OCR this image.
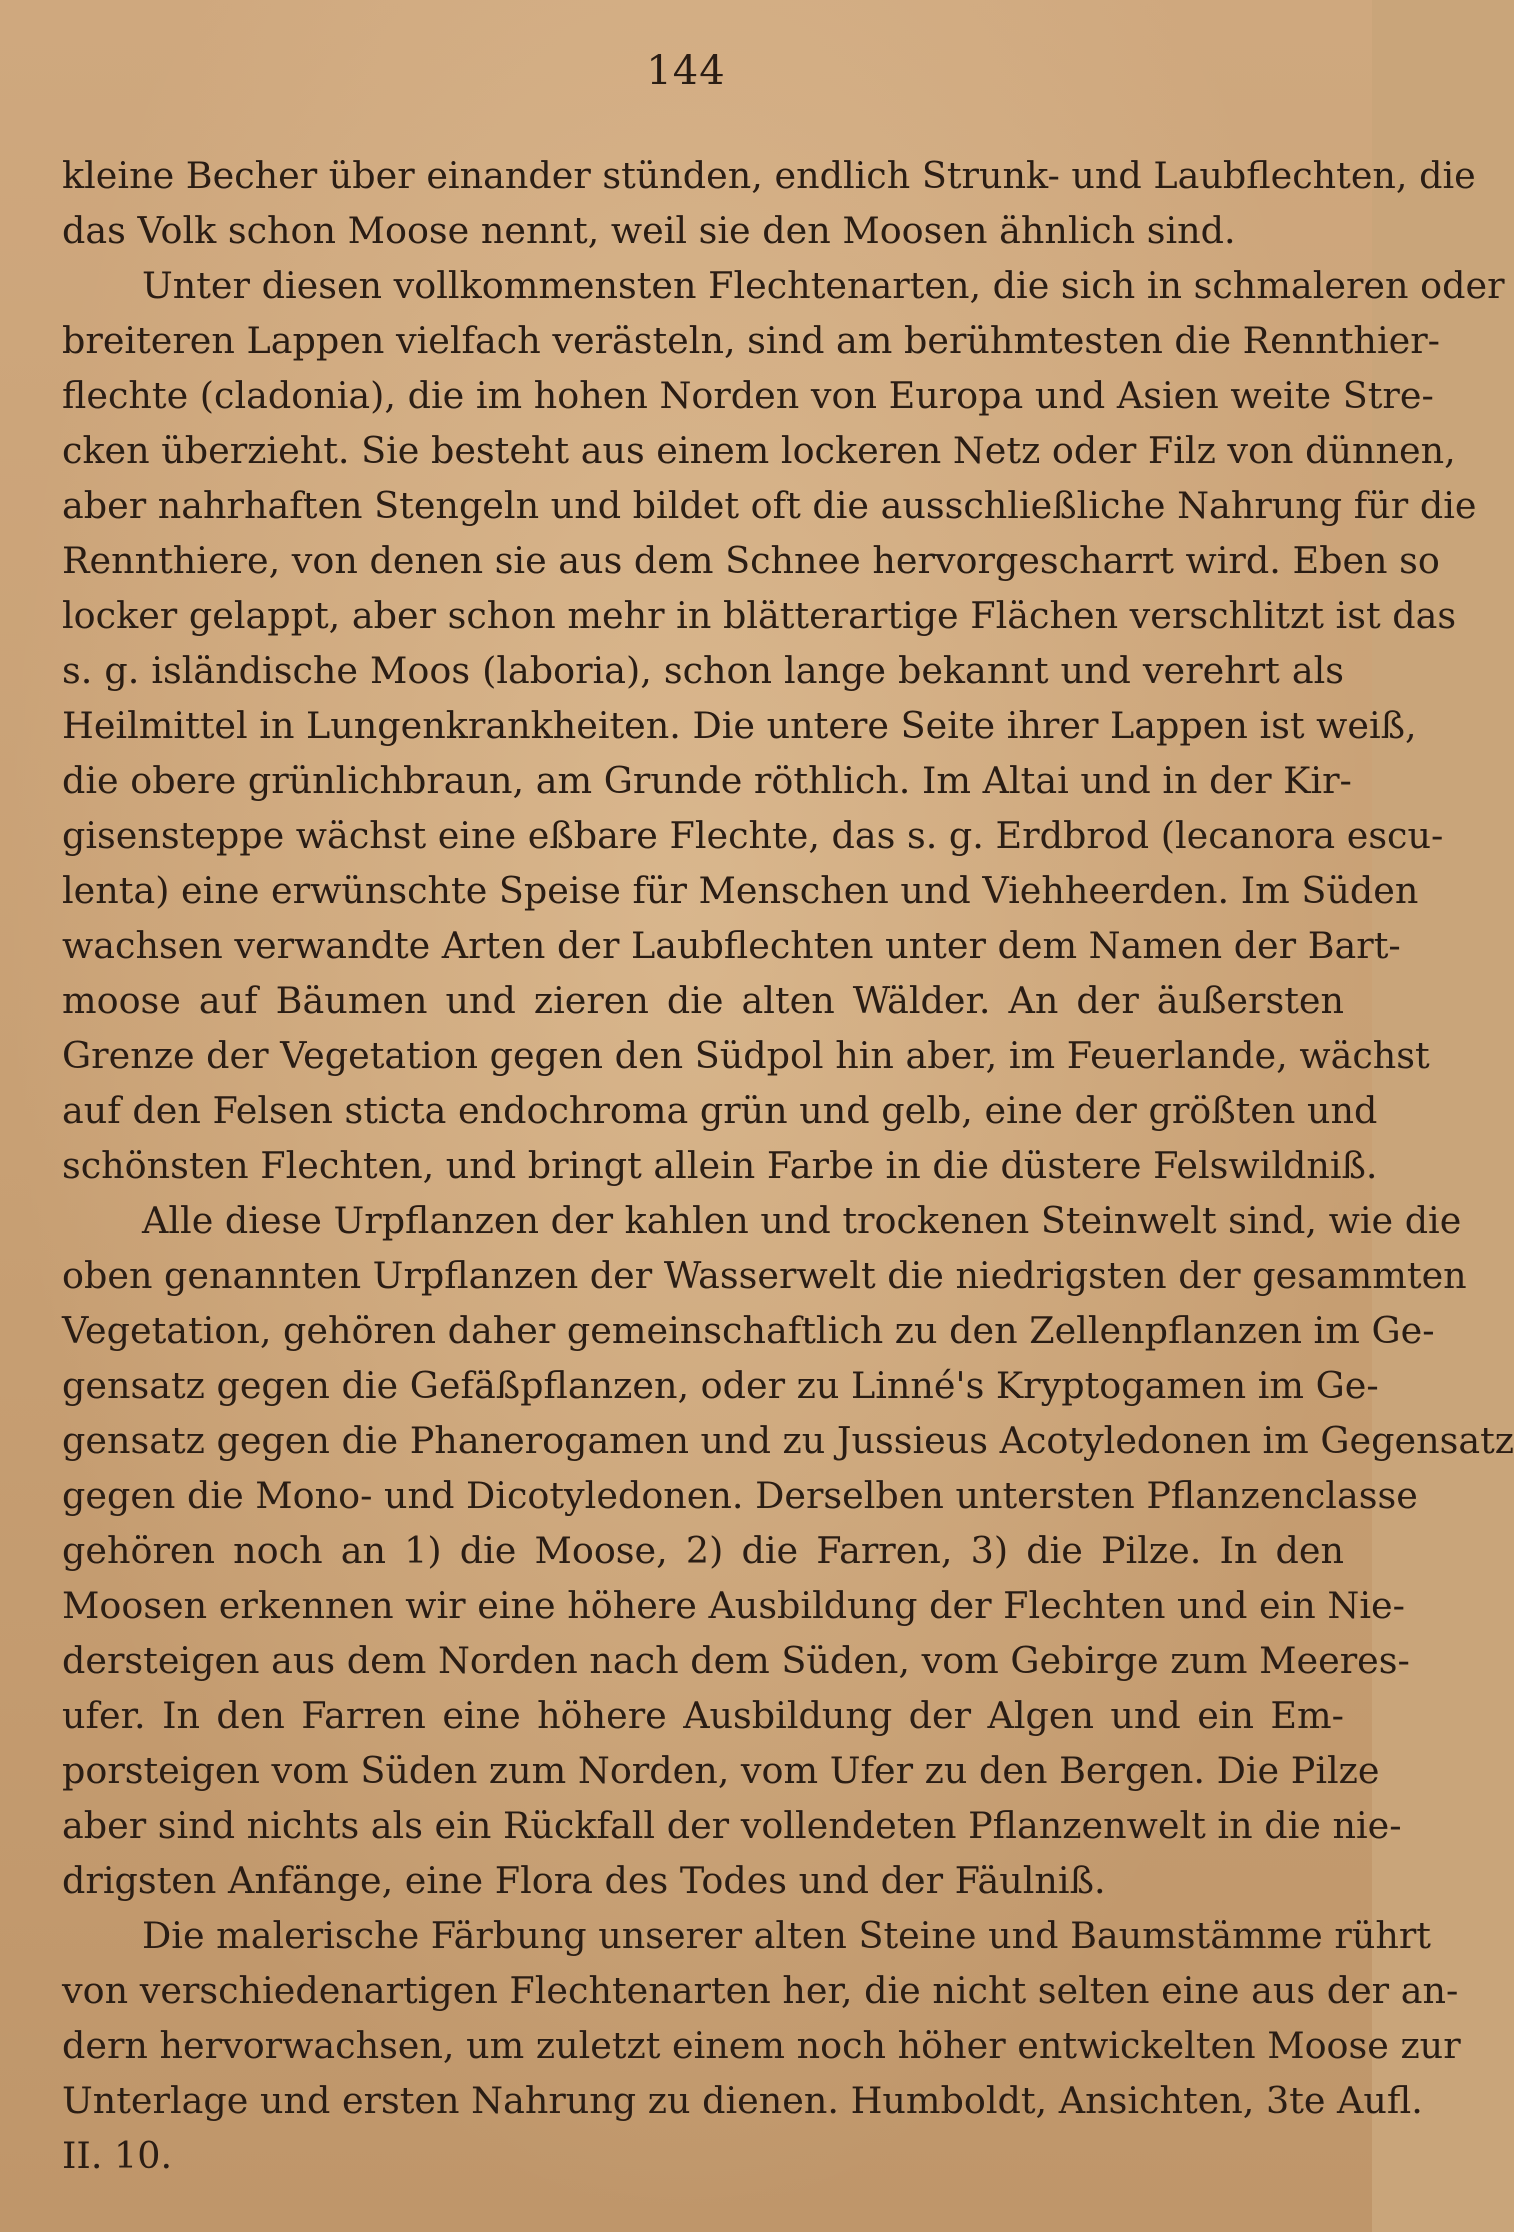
144
kleine Becher über einander stünden, endlich Strunk- und Laubflechten, die
das Volk schon Moose nennt, weil sie den Moosen ähnlich sind.
Unter diesen vollkommensten Flechtenarten, die sich in schmaleren oder
breiteren Lappen vielfach verästeln, sind am berühmtesten die Rennthier-
flechte (cladonia), die im hohen Norden von Europa und Asien weite Stre-
cken überzieht. Sie besteht aus einem lockeren Netz oder Filz von dünnen,
aber nahrhaften Stengeln und bildet oft die ausschließliche Nahrung für die
Rennthiere, von denen sie aus dem Schnee hervorgescharrt wird. Eben so
locker gelappt, aber schon mehr in blätterartige Flächen verschlitzt ist das
s. g. isländische Moos (laboria), schon lange bekannt und verehrt als
Heilmittel in Lungenkrankheiten. Die untere Seite ihrer Lappen ist weiß,
die obere grünlichbraun, am Grunde röthlich. Im Altai und in der Kir-
gisensteppe wächst eine eßbare Flechte, das s. g. Erdbrod (lecanora escu-
lenta) eine erwünschte Speise für Menschen und Viehheerden. Im Süden
wachsen verwandte Arten der Laubflechten unter dem Namen der Bart-
moose auf Bäumen und zieren die alten Wälder. An der äußersten
Grenze der Vegetation gegen den Südpol hin aber, im Feuerlande, wächst
auf den Felsen sticta endochroma grün und gelb, eine der größten und
schönsten Flechten, und bringt allein Farbe in die düstere Felswildniß.
Alle diese Urpflanzen der kahlen und trockenen Steinwelt sind, wie die
oben genannten Urpflanzen der Wasserwelt die niedrigsten der gesammten
Vegetation, gehören daher gemeinschaftlich zu den Zellenpflanzen im Ge-
gensatz gegen die Gefäßpflanzen, oder zu Linné's Kryptogamen im Ge-
gensatz gegen die Phanerogamen und zu Jussieus Acotyledonen im Gegensatz
gegen die Mono- und Dicotyledonen. Derselben untersten Pflanzenclasse
gehören noch an 1) die Moose, 2) die Farren, 3) die Pilze. In den
Moosen erkennen wir eine höhere Ausbildung der Flechten und ein Nie-
dersteigen aus dem Norden nach dem Süden, vom Gebirge zum Meeres-
ufer. In den Farren eine höhere Ausbildung der Algen und ein Em-
porsteigen vom Süden zum Norden, vom Ufer zu den Bergen. Die Pilze
aber sind nichts als ein Rückfall der vollendeten Pflanzenwelt in die nie-
drigsten Anfänge, eine Flora des Todes und der Fäulniß.
Die malerische Färbung unserer alten Steine und Baumstämme rührt
von verschiedenartigen Flechtenarten her, die nicht selten eine aus der an-
dern hervorwachsen, um zuletzt einem noch höher entwickelten Moose zur
Unterlage und ersten Nahrung zu dienen. Humboldt, Ansichten, 3te Aufl.
II. 10.
